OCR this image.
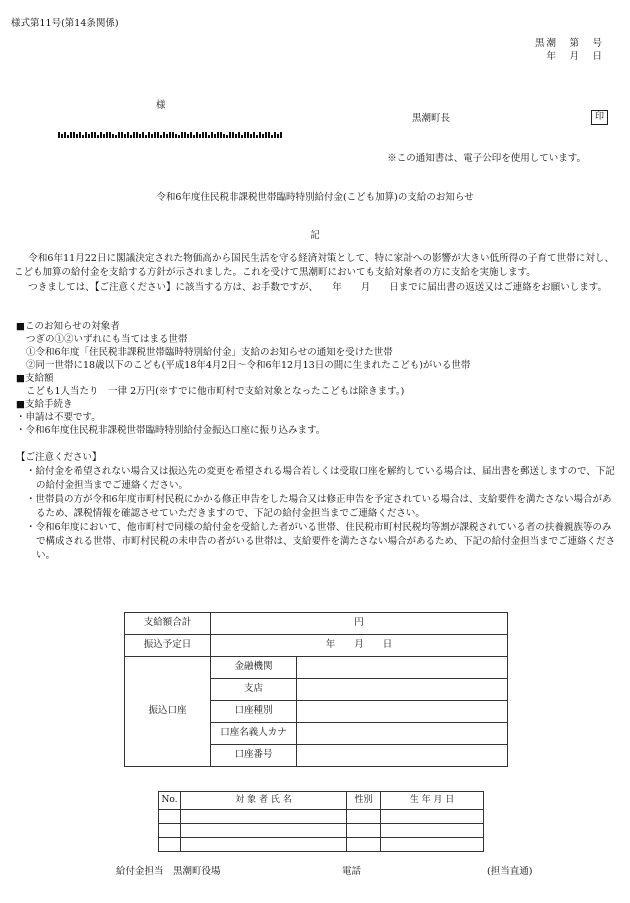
様式第11号(第14条関係)
黒潮　第　号
年　月　日
様
黒潮町長	印
※この通知書は、電子公印を使用しています。
令和6年度住民税非課税世帯臨時特別給付金(こども加算)の支給のお知らせ
記
令和6年11月22日に閣議決定された物価高から国民生活を守る経済対策として、特に家計への影響が大きい低所得の子育て世帯に対し、こども加算の給付金を支給する方針が示されました。これを受けて黒潮町においても支給対象者の方に支給を実施します。
つきましては、【ご注意ください】に該当する方は、お手数ですが、　　年　　月　　日までに届出書の返送又はご連絡をお願いします。
■このお知らせの対象者
つぎの①②いずれにも当てはまる世帯
①令和6年度「住民税非課税世帯臨時特別給付金」支給のお知らせの通知を受けた世帯
②同一世帯に18歳以下のこども(平成18年4月2日～令和6年12月13日の間に生まれたこども)がいる世帯
■支給額
こども1人当たり　一律 2万円(※すでに他市町村で支給対象となったこどもは除きます。)
■支給手続き
・申請は不要です。
・令和6年度住民税非課税世帯臨時特別給付金振込口座に振り込みます。
【ご注意ください】
・給付金を希望されない場合又は振込先の変更を希望される場合若しくは受取口座を解約している場合は、届出書を郵送しますので、下記の給付金担当までご連絡ください。
・世帯員の方が令和6年度市町村民税にかかる修正申告をした場合又は修正申告を予定されている場合は、支給要件を満たさない場合があるため、課税情報を確認させていただきますので、下記の給付金担当までご連絡ください。
・令和6年度において、他市町村で同様の給付金を受給した者がいる世帯、住民税市町村民税均等割が課税されている者の扶養親族等のみで構成される世帯、市町村民税の未申告の者がいる世帯は、支給要件を満たさない場合があるため、下記の給付金担当までご連絡ください。
支給額合計	円	
振込予定日	年　　月　　日	
振込口座	金融機関	
	支店	
	口座種別	
	口座名義人カナ	
	口座番号	
No.	対 象 者 氏 名	性別	生 年 月 日

給付金担当　黒潮町役場	電話	(担当直通)
